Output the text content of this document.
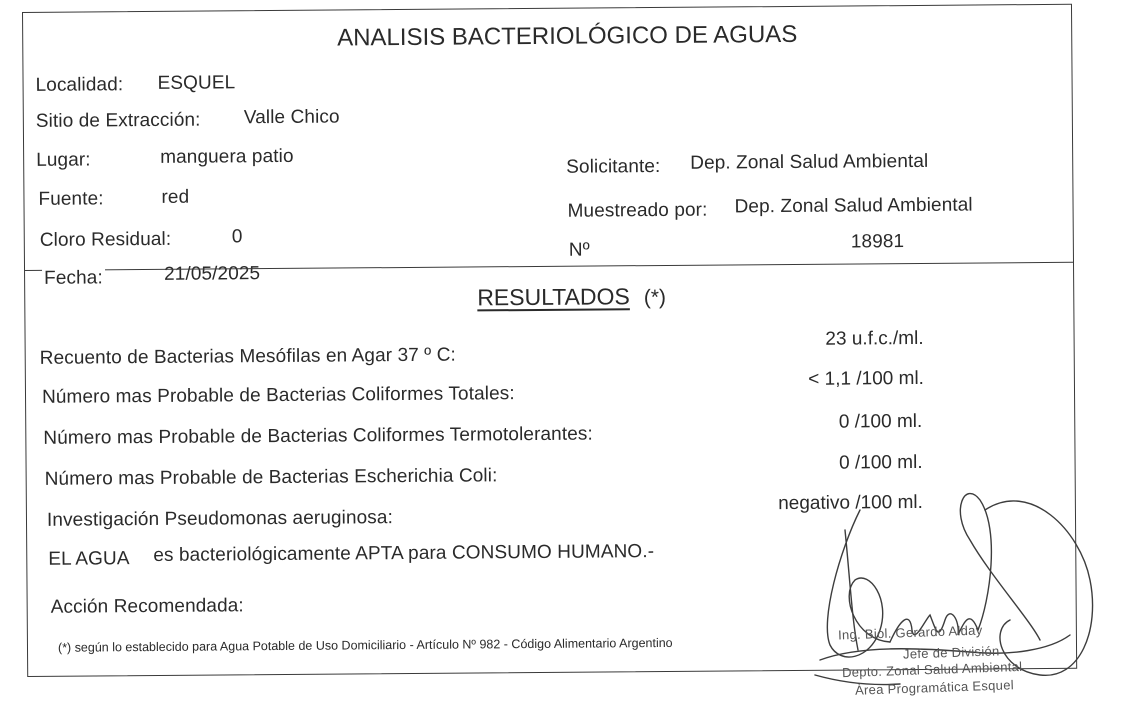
ANALISIS BACTERIOLÓGICO DE AGUAS
Localidad: ESQUEL
Sitio de Extracción: Valle Chico
Lugar:	manguera patio
Fuente:	red
Cloro Residual:	0
Fecha:	21/05/2025
Solicitante: Dep. Zonal Salud Ambiental
Muestreado por: Dep. Zonal Salud Ambiental
Nº	18981
RESULTADOS (*)
Recuento de Bacterias Mesófilas en Agar 37 º C:
23 u.f.c./ml.
Número mas Probable de Bacterias Coliformes Totales:
< 1,1 /100 ml.
Número mas Probable de Bacterias Coliformes Termotolerantes:
0 /100 ml.
Número mas Probable de Bacterias Escherichia Coli:
0 /100 ml.
Investigación Pseudomonas aeruginosa:
negativo /100 ml.
EL AGUA es bacteriológicamente APTA para CONSUMO HUMANO.-
Acción Recomendada:
(*) según lo establecido para Agua Potable de Uso Domiciliario - Artículo Nº 982 - Código Alimentario Argentino
Ing. Biol. Gerardo Alday
Jefe de División
Depto. Zonal Salud Ambiental
Área Programática Esquel
